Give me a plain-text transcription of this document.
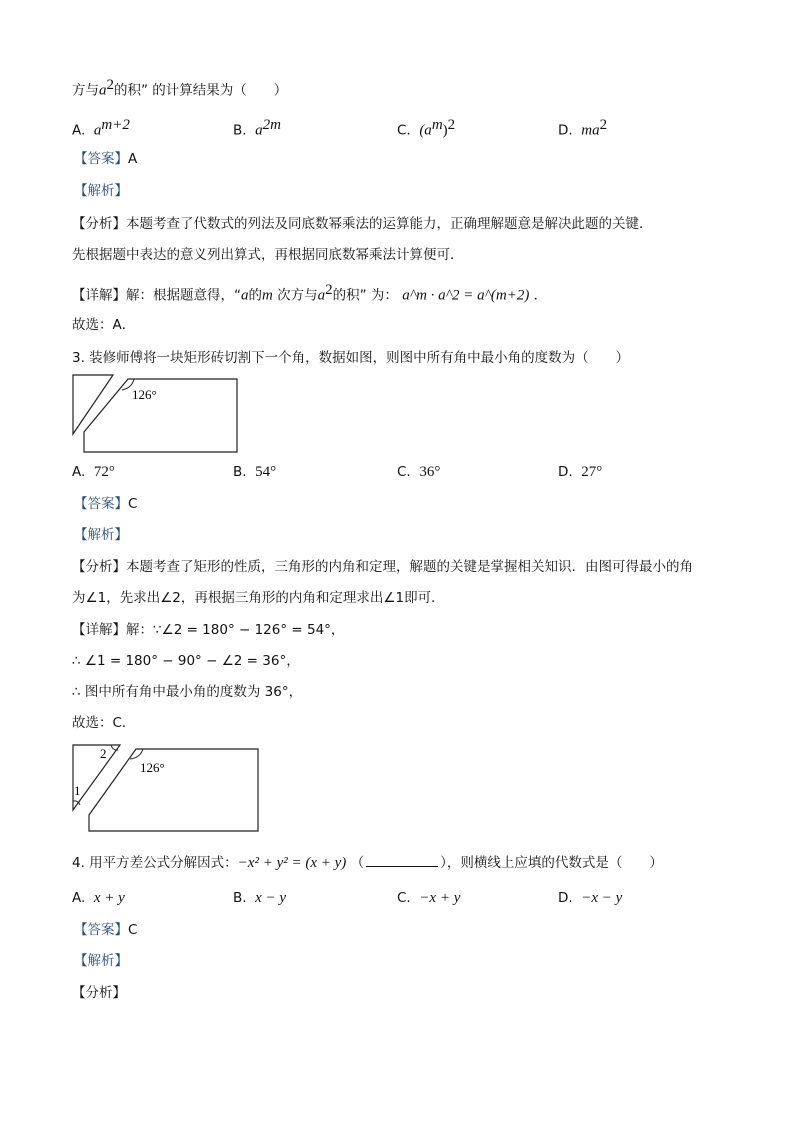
方与$a^2$的积” 的计算结果为（　　）
A. $a^{m+2}$	B. $a^{2m}$	C. $(a^m)^2$	D. $ma^2$
【答案】A
【解析】
【分析】本题考查了代数式的列法及同底数幂乘法的运算能力，正确理解题意是解决此题的关键．
先根据题中表达的意义列出算式，再根据同底数幂乘法计算便可．
【详解】解：根据题意得，“a的m 次方与$a^2$的积” 为： a^m · a^2 = a^(m+2) ．
故选：A．
3. 装修师傅将一块矩形砖切割下一个角，数据如图，则图中所有角中最小角的度数为（　　）
126°
A. 72°	B. 54°	C. 36°	D. 27°
【答案】C
【解析】
【分析】本题考查了矩形的性质，三角形的内角和定理，解题的关键是掌握相关知识．由图可得最小的角
为∠1，先求出∠2，再根据三角形的内角和定理求出∠1即可．
【详解】解：∵∠2 = 180° − 126° = 54°，
∴ ∠1 = 180° − 90° − ∠2 = 36°，
∴ 图中所有角中最小角的度数为 36°，
故选：C．
2
1
126°
4. 用平方差公式分解因式：−x² + y² = (x + y) （	），则横线上应填的代数式是（　　）
A. x + y	B. x − y	C. −x + y	D. −x − y
【答案】C
【解析】
【分析】
